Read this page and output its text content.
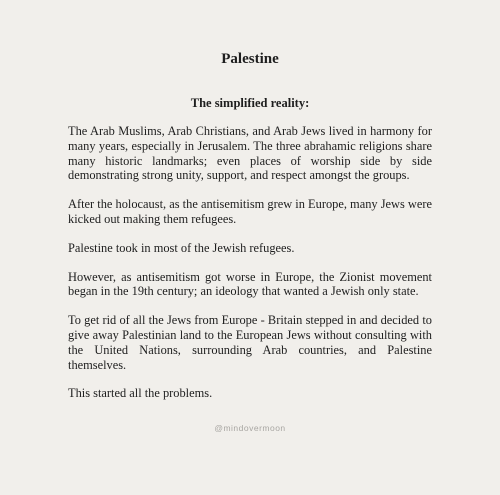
Palestine
The simplified reality:

The Arab Muslims, Arab Christians, and Arab Jews lived in harmony for many years, especially in Jerusalem. The three abrahamic religions share many historic landmarks; even places of worship side by side demonstrating strong unity, support, and respect amongst the groups.

After the holocaust, as the antisemitism grew in Europe, many Jews were kicked out making them refugees.

Palestine took in most of the Jewish refugees.

However, as antisemitism got worse in Europe, the Zionist movement began in the 19th century; an ideology that wanted a Jewish only state.

To get rid of all the Jews from Europe - Britain stepped in and decided to give away Palestinian land to the European Jews without consulting with the United Nations, surrounding Arab countries, and Palestine themselves.

This started all the problems.

@mindovermoon
